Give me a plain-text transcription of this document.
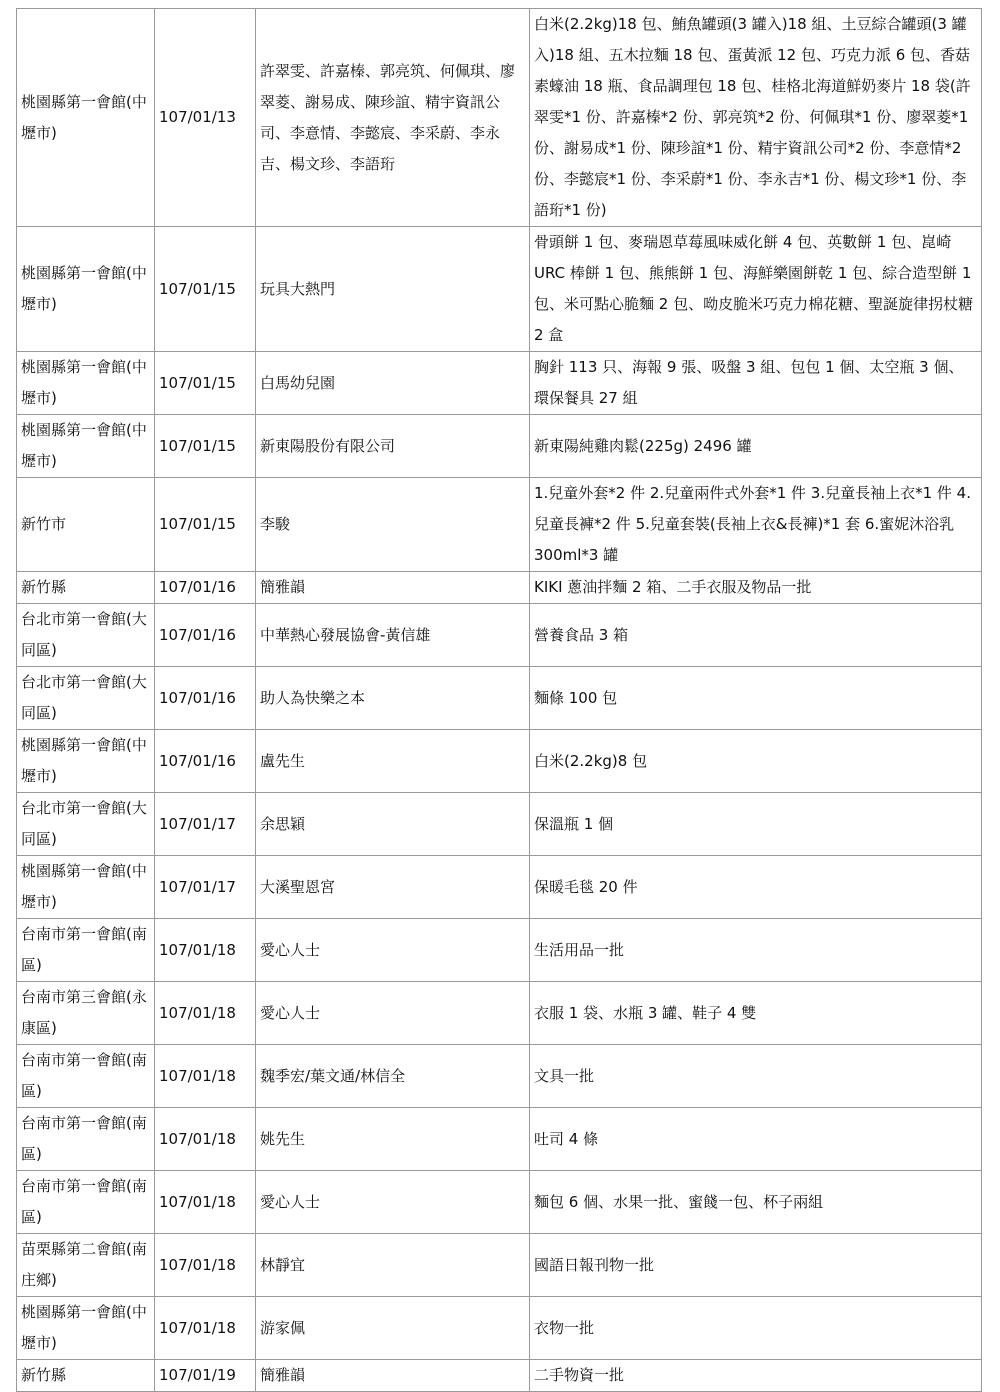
桃園縣第一會館(中壢市)	107/01/13	許翠雯、許嘉榛、郭亮筑、何佩琪、廖翠菱、謝易成、陳珍誼、精宇資訊公司、李意情、李懿宸、李采蔚、李永吉、楊文珍、李語珩	白米(2.2kg)18 包、鮪魚罐頭(3 罐入)18 組、土豆綜合罐頭(3 罐入)18 組、五木拉麵 18 包、蛋黃派 12 包、巧克力派 6 包、香菇素蠔油 18 瓶、食品調理包 18 包、桂格北海道鮮奶麥片 18 袋(許翠雯*1 份、許嘉榛*2 份、郭亮筑*2 份、何佩琪*1 份、廖翠菱*1 份、謝易成*1 份、陳珍誼*1 份、精宇資訊公司*2 份、李意情*2 份、李懿宸*1 份、李采蔚*1 份、李永吉*1 份、楊文珍*1 份、李語珩*1 份)
桃園縣第一會館(中壢市)	107/01/15	玩具大熱門	骨頭餅 1 包、麥瑞恩草莓風味威化餅 4 包、英數餅 1 包、崑崎 URC 棒餅 1 包、熊熊餅 1 包、海鮮樂園餅乾 1 包、綜合造型餅 1 包、米可點心脆麵 2 包、呦皮脆米巧克力棉花糖、聖誕旋律拐杖糖 2 盒
桃園縣第一會館(中壢市)	107/01/15	白馬幼兒園	胸針 113 只、海報 9 張、吸盤 3 組、包包 1 個、太空瓶 3 個、環保餐具 27 組
桃園縣第一會館(中壢市)	107/01/15	新東陽股份有限公司	新東陽純雞肉鬆(225g) 2496 罐
新竹市	107/01/15	李駿	1.兒童外套*2 件 2.兒童兩件式外套*1 件 3.兒童長袖上衣*1 件 4.兒童長褲*2 件 5.兒童套裝(長袖上衣&長褲)*1 套 6.蜜妮沐浴乳 300ml*3 罐
新竹縣	107/01/16	簡雅韻	KIKI 蔥油拌麵 2 箱、二手衣服及物品一批
台北市第一會館(大同區)	107/01/16	中華熱心發展協會-黃信雄	營養食品 3 箱
台北市第一會館(大同區)	107/01/16	助人為快樂之本	麵條 100 包
桃園縣第一會館(中壢市)	107/01/16	盧先生	白米(2.2kg)8 包
台北市第一會館(大同區)	107/01/17	余思穎	保溫瓶 1 個
桃園縣第一會館(中壢市)	107/01/17	大溪聖恩宮	保暖毛毯 20 件
台南市第一會館(南區)	107/01/18	愛心人士	生活用品一批
台南市第三會館(永康區)	107/01/18	愛心人士	衣服 1 袋、水瓶 3 罐、鞋子 4 雙
台南市第一會館(南區)	107/01/18	魏季宏/葉文通/林信全	文具一批
台南市第一會館(南區)	107/01/18	姚先生	吐司 4 條
台南市第一會館(南區)	107/01/18	愛心人士	麵包 6 個、水果一批、蜜餞一包、杯子兩組
苗栗縣第二會館(南庄鄉)	107/01/18	林靜宜	國語日報刊物一批
桃園縣第一會館(中壢市)	107/01/18	游家佩	衣物一批
新竹縣	107/01/19	簡雅韻	二手物資一批
